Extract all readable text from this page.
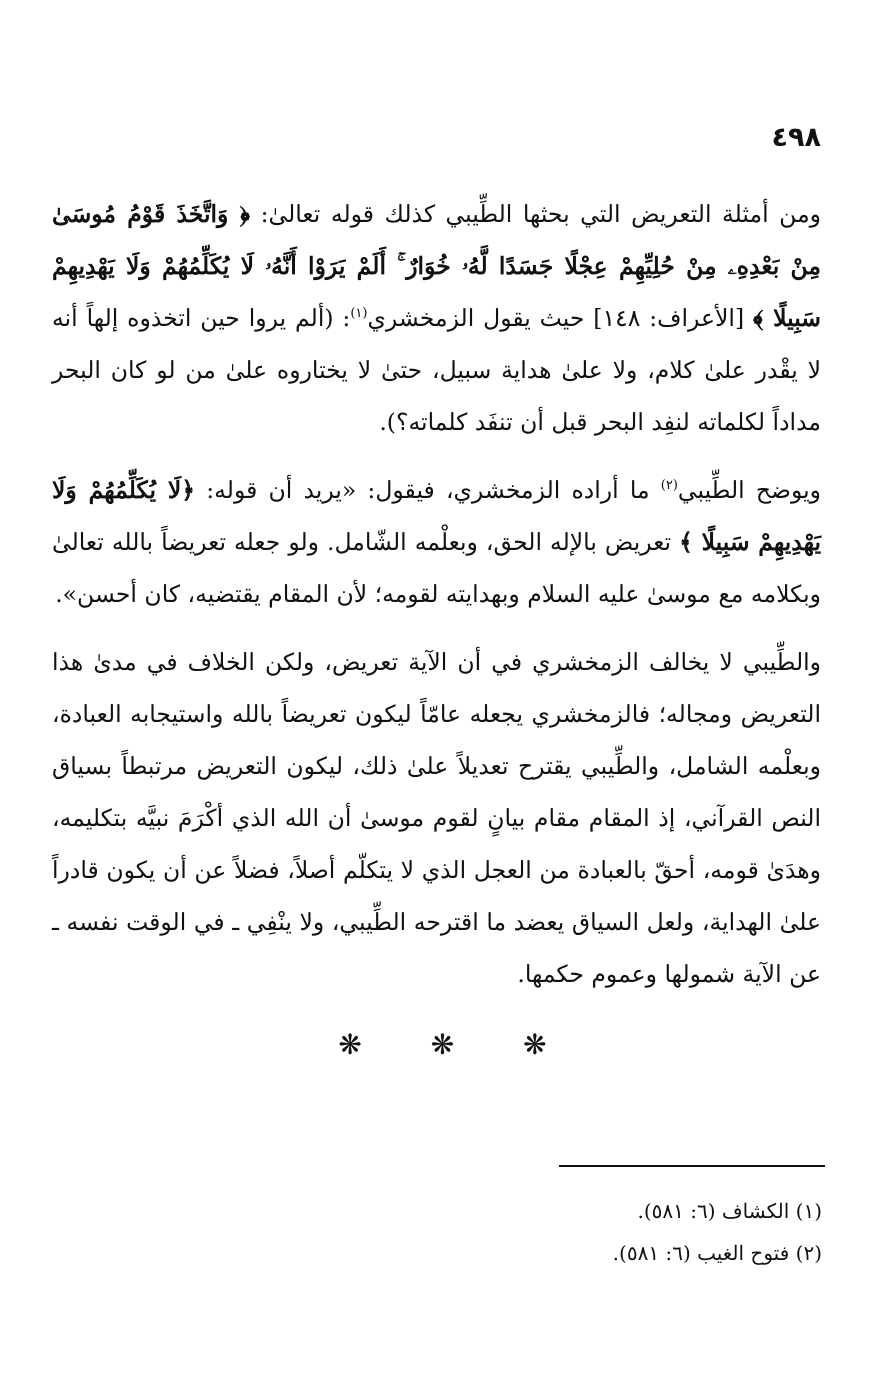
٤٩٨

ومن أمثلة التعريض التي بحثها الطِّيبي كذلك قوله تعالىٰ: ﴿ وَاتَّخَذَ قَوْمُ مُوسَىٰ مِنْ بَعْدِهِۦ مِنْ حُلِيِّهِمْ عِجْلًا جَسَدًا لَّهُۥ خُوَارٌ ۚ أَلَمْ يَرَوْا أَنَّهُۥ لَا يُكَلِّمُهُمْ وَلَا يَهْدِيهِمْ سَبِيلًا ﴾ [الأعراف: ١٤٨] حيث يقول الزمخشري$^{(١)}$: (ألم يروا حين اتخذوه إلهاً أنه لا يقْدر علىٰ كلام، ولا علىٰ هداية سبيل، حتىٰ لا يختاروه علىٰ من لو كان البحر مداداً لكلماته لنفِد البحر قبل أن تنفَد كلماته؟).

ويوضح الطِّيبي$^{(٢)}$ ما أراده الزمخشري، فيقول: «يريد أن قوله: ﴿لَا يُكَلِّمُهُمْ وَلَا يَهْدِيهِمْ سَبِيلًا ﴾ تعريض بالإله الحق، وبعلْمه الشّامل. ولو جعله تعريضاً بالله تعالىٰ وبكلامه مع موسىٰ عليه السلام وبهدايته لقومه؛ لأن المقام يقتضيه، كان أحسن».

والطِّيبي لا يخالف الزمخشري في أن الآية تعريض، ولكن الخلاف في مدىٰ هذا التعريض ومجاله؛ فالزمخشري يجعله عامّاً ليكون تعريضاً بالله واستيجابه العبادة، وبعلْمه الشامل، والطِّيبي يقترح تعديلاً علىٰ ذلك، ليكون التعريض مرتبطاً بسياق النص القرآني، إذ المقام مقام بيانٍ لقوم موسىٰ أن الله الذي أكْرَمَ نبيَّه بتكليمه، وهدَىٰ قومه، أحقّ بالعبادة من العجل الذي لا يتكلّم أصلاً، فضلاً عن أن يكون قادراً علىٰ الهداية، ولعل السياق يعضد ما اقترحه الطِّيبي، ولا ينْفِي ـ في الوقت نفسه ـ عن الآية شمولها وعموم حكمها.

❋ ❋ ❋

(١) الكشاف (٦: ٥٨١).

(٢) فتوح الغيب (٦: ٥٨١).
